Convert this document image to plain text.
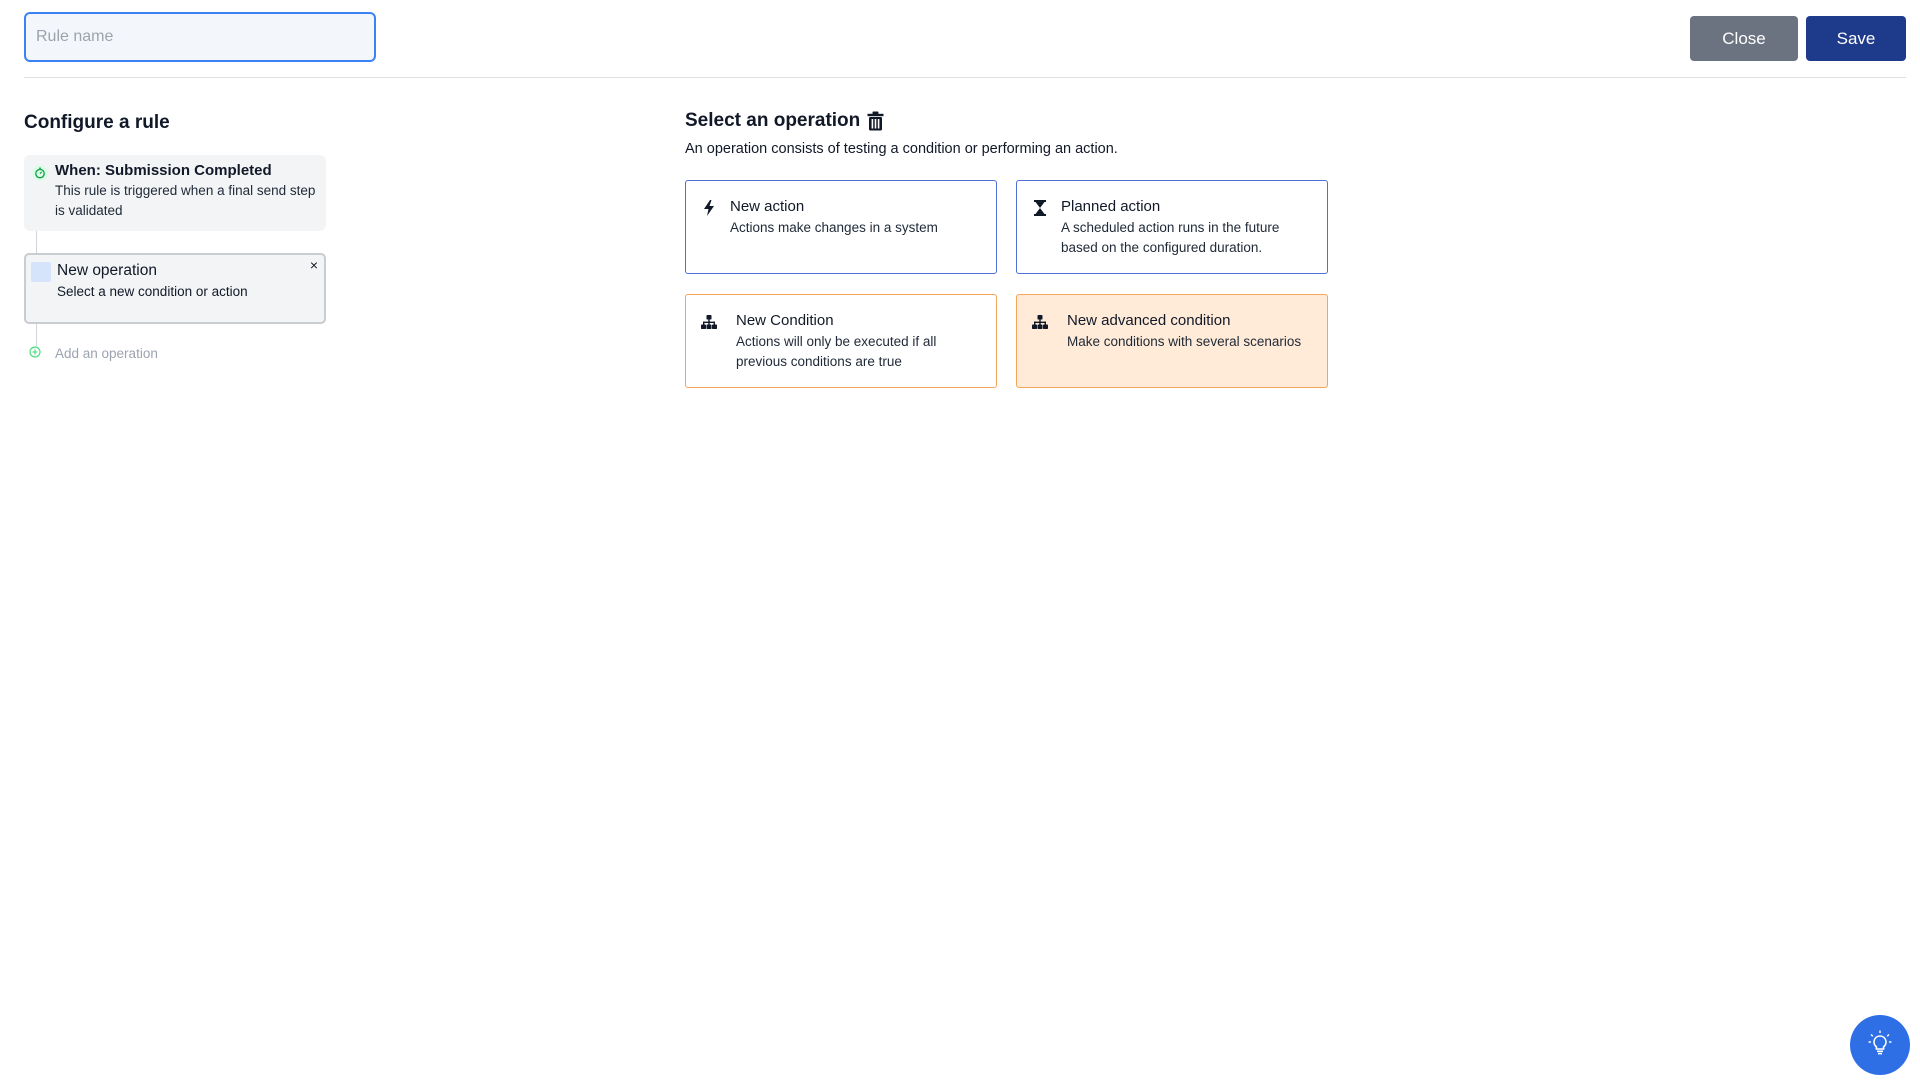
Rule name
Close	Save
Configure a rule
When: Submission Completed
This rule is triggered when a final send step is validated
New operation
Select a new condition or action
×
Add an operation
Select an operation
An operation consists of testing a condition or performing an action.
New action
Actions make changes in a system
Planned action
A scheduled action runs in the future based on the configured duration.
New Condition
Actions will only be executed if all previous conditions are true
New advanced condition
Make conditions with several scenarios
